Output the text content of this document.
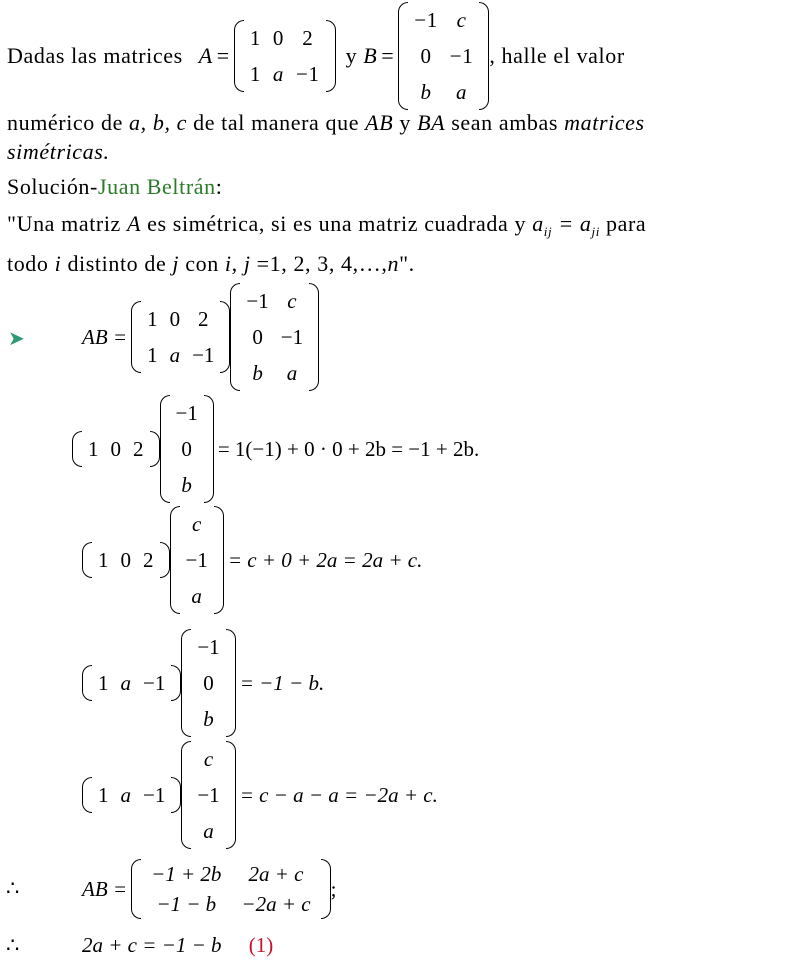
Dadas las matrices A =
1	0	2
1	a	−1
y B =
−1	c
0	−1
b	a
, halle el valor
numérico de a, b, c de tal manera que AB y BA sean ambas matrices
simétricas.
Solución-Juan Beltrán:
"Una matriz A es simétrica, si es una matriz cuadrada y $a_{ij} = a_{ji}$ para
todo i distinto de j con i, j =1, 2, 3, 4,…,n".
➤	AB =
1	0	2
1	a	−1
−1	c
0	−1
b	a
1	0	2
−1
0
b
= 1(−1) + 0 · 0 + 2b = −1 + 2b.
1	0	2
c
−1
a
= c + 0 + 2a = 2a + c.
1	a	−1
−1
0
b
= −1 − b.
1	a	−1
c
−1
a
= c − a − a = −2a + c.
∴	AB =
−1 + 2b	2a + c
−1 − b	−2a + c
;
∴	2a + c = −1 − b (1)
